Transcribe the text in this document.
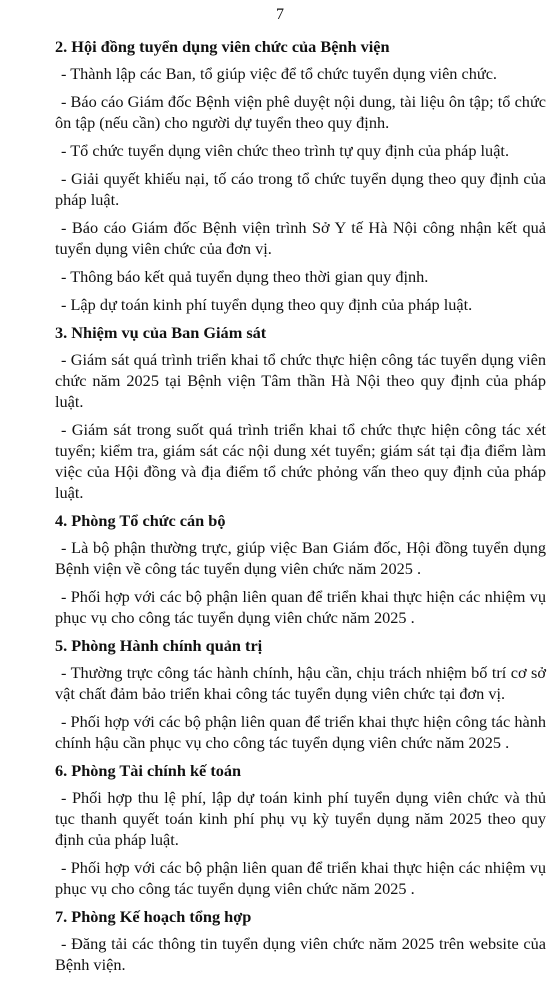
7
2. Hội đồng tuyển dụng viên chức của Bệnh viện
- Thành lập các Ban, tổ giúp việc để tổ chức tuyển dụng viên chức.
- Báo cáo Giám đốc Bệnh viện phê duyệt nội dung, tài liệu ôn tập; tổ chức ôn tập (nếu cần) cho người dự tuyển theo quy định.
- Tổ chức tuyển dụng viên chức theo trình tự quy định của pháp luật.
- Giải quyết khiếu nại, tố cáo trong tổ chức tuyển dụng theo quy định của pháp luật.
- Báo cáo Giám đốc Bệnh viện trình Sở Y tế Hà Nội công nhận kết quả tuyển dụng viên chức của đơn vị.
- Thông báo kết quả tuyển dụng theo thời gian quy định.
- Lập dự toán kinh phí tuyển dụng theo quy định của pháp luật.
3. Nhiệm vụ của Ban Giám sát
- Giám sát quá trình triển khai tổ chức thực hiện công tác tuyển dụng viên chức năm 2025 tại Bệnh viện Tâm thần Hà Nội theo quy định của pháp luật.
- Giám sát trong suốt quá trình triển khai tổ chức thực hiện công tác xét tuyển; kiểm tra, giám sát các nội dung xét tuyển; giám sát tại địa điểm làm việc của Hội đồng và địa điểm tổ chức phỏng vấn theo quy định của pháp luật.
4. Phòng Tổ chức cán bộ
- Là bộ phận thường trực, giúp việc Ban Giám đốc, Hội đồng tuyển dụng Bệnh viện về công tác tuyển dụng viên chức năm 2025 .
- Phối hợp với các bộ phận liên quan để triển khai thực hiện các nhiệm vụ phục vụ cho công tác tuyển dụng viên chức năm 2025 .
5. Phòng Hành chính quản trị
- Thường trực công tác hành chính, hậu cần, chịu trách nhiệm bố trí cơ sở vật chất đảm bảo triển khai công tác tuyển dụng viên chức tại đơn vị.
- Phối hợp với các bộ phận liên quan để triển khai thực hiện công tác hành chính hậu cần phục vụ cho công tác tuyển dụng viên chức năm 2025 .
6. Phòng Tài chính kế toán
- Phối hợp thu lệ phí, lập dự toán kinh phí tuyển dụng viên chức và thủ tục thanh quyết toán kinh phí phụ vụ kỳ tuyển dụng năm 2025 theo quy định của pháp luật.
- Phối hợp với các bộ phận liên quan để triển khai thực hiện các nhiệm vụ phục vụ cho công tác tuyển dụng viên chức năm 2025 .
7. Phòng Kế hoạch tổng hợp
- Đăng tải các thông tin tuyển dụng viên chức năm 2025 trên website của Bệnh viện.
